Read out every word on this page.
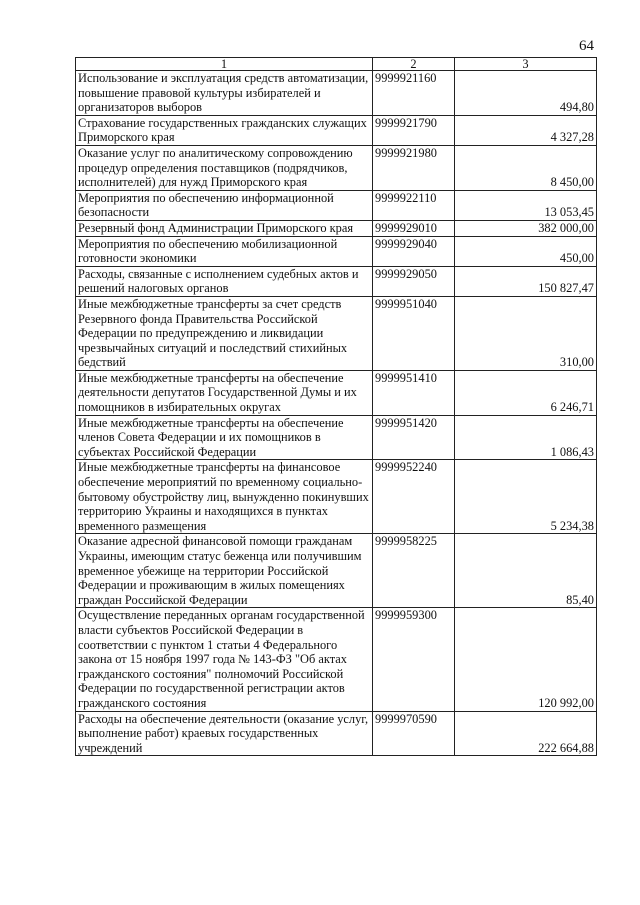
64
1	2	3
Использование и эксплуатация средств автоматизации, повышение правовой культуры избирателей и организаторов выборов	9999921160	494,80
Страхование государственных гражданских служащих Приморского края	9999921790	4 327,28
Оказание услуг по аналитическому сопровождению процедур определения поставщиков (подрядчиков, исполнителей) для нужд Приморского края	9999921980	8 450,00
Мероприятия по обеспечению информационной безопасности	9999922110	13 053,45
Резервный фонд Администрации Приморского края	9999929010	382 000,00
Мероприятия по обеспечению мобилизационной готовности экономики	9999929040	450,00
Расходы, связанные с исполнением судебных актов и решений налоговых органов	9999929050	150 827,47
Иные межбюджетные трансферты за счет средств Резервного фонда Правительства Российской Федерации по предупреждению и ликвидации чрезвычайных ситуаций и последствий стихийных бедствий	9999951040	310,00
Иные межбюджетные трансферты на обеспечение деятельности депутатов Государственной Думы и их помощников в избирательных округах	9999951410	6 246,71
Иные межбюджетные трансферты на обеспечение членов Совета Федерации и их помощников в субъектах Российской Федерации	9999951420	1 086,43
Иные межбюджетные трансферты на финансовое обеспечение мероприятий по временному социально-бытовому обустройству лиц, вынужденно покинувших территорию Украины и находящихся в пунктах временного размещения	9999952240	5 234,38
Оказание адресной финансовой помощи гражданам Украины, имеющим статус беженца или получившим временное убежище на территории Российской Федерации и проживающим в жилых помещениях граждан Российской Федерации	9999958225	85,40
Осуществление переданных органам государственной власти субъектов Российской Федерации в соответствии с пунктом 1 статьи 4 Федерального закона от 15 ноября 1997 года № 143-ФЗ "Об актах гражданского состояния" полномочий Российской Федерации по государственной регистрации актов гражданского состояния	9999959300	120 992,00
Расходы на обеспечение деятельности (оказание услуг, выполнение работ) краевых государственных учреждений	9999970590	222 664,88
